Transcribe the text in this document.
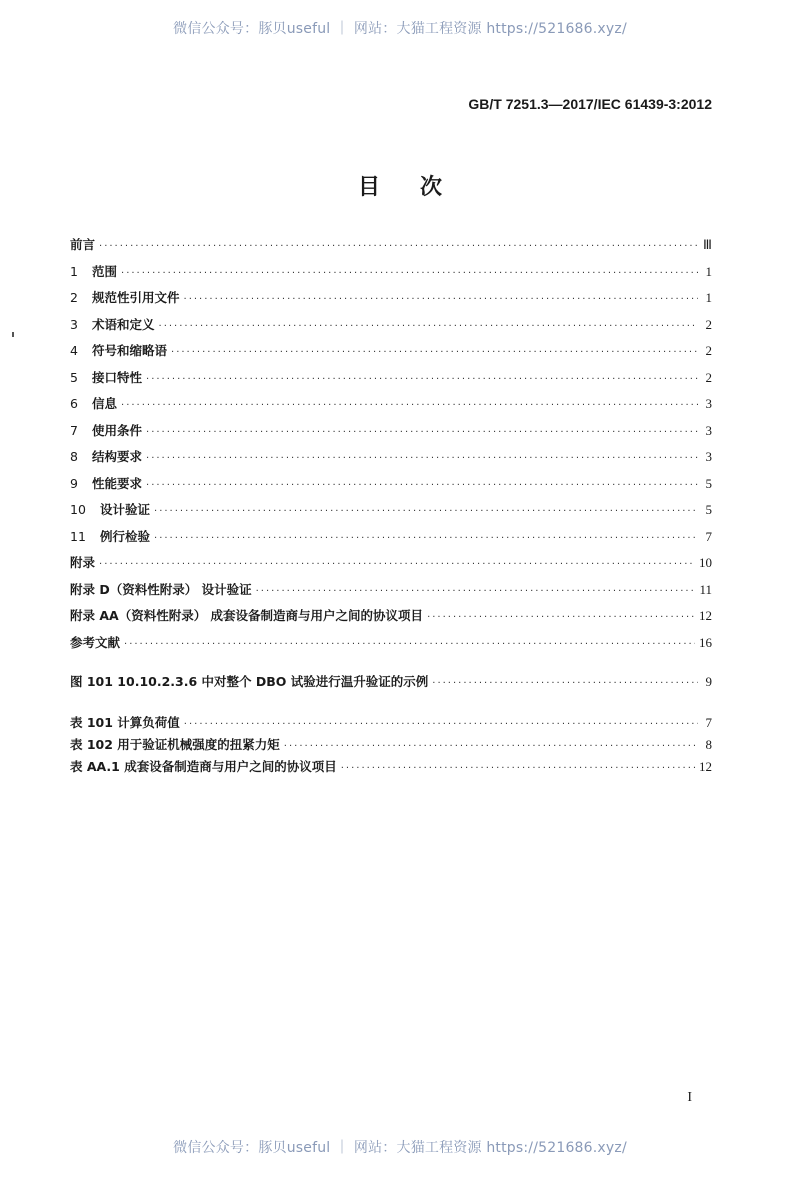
微信公众号：豚贝useful ｜ 网站：大猫工程资源 https://521686.xyz/
GB/T 7251.3—2017/IEC 61439-3:2012
目次
前言 ·····	Ⅲ
1	范围 ·····	1
2	规范性引用文件 ·····	1
3	术语和定义 ·····	2
4	符号和缩略语 ·····	2
5	接口特性 ·····	2
6	信息 ·····	3
7	使用条件 ·····	3
8	结构要求 ·····	3
9	性能要求 ·····	5
10	设计验证 ·····	5
11	例行检验 ·····	7
附录 ·····	10
附录 D（资料性附录） 设计验证 ·····	11
附录 AA（资料性附录） 成套设备制造商与用户之间的协议项目 ·····	12
参考文献 ·····	16
图 101 10.10.2.3.6 中对整个 DBO 试验进行温升验证的示例 ·····	9
表 101 计算负荷值 ·····	7
表 102 用于验证机械强度的扭紧力矩 ·····	8
表 AA.1 成套设备制造商与用户之间的协议项目 ·····	12
I
微信公众号：豚贝useful ｜ 网站：大猫工程资源 https://521686.xyz/
